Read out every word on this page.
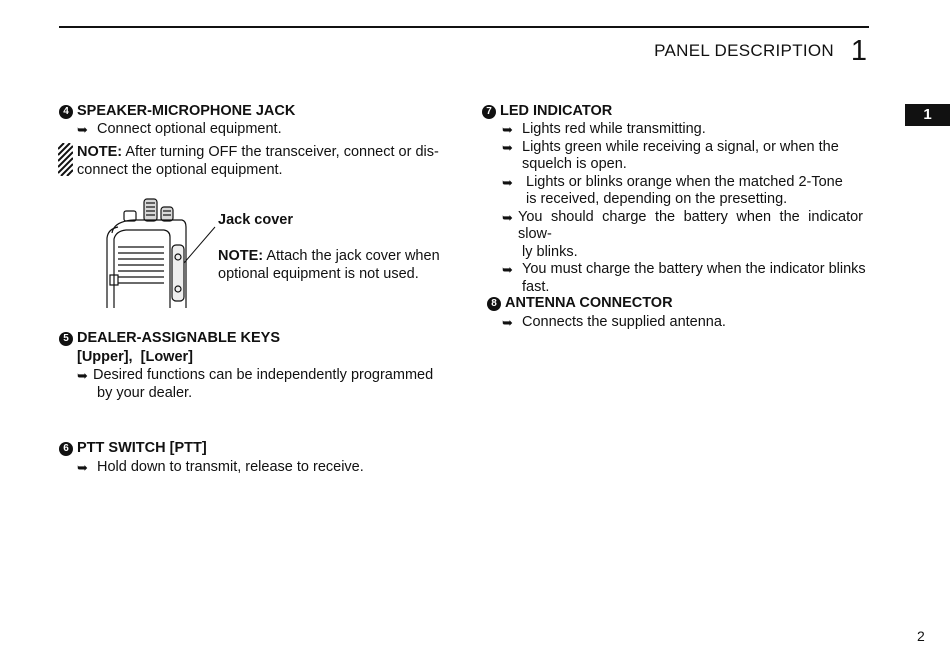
PANEL DESCRIPTION 1
1
4 SPEAKER-MICROPHONE JACK
➥ Connect optional equipment.
NOTE: After turning OFF the transceiver, connect or dis-
connect the optional equipment.
Jack cover
NOTE: Attach the jack cover when
optional equipment is not used.
5 DEALER-ASSIGNABLE KEYS
[Upper],  [Lower]
➥ Desired functions can be independently programmed
by your dealer.
6 PTT SWITCH [PTT]
➥ Hold down to transmit, release to receive.
7 LED INDICATOR
➥ Lights red while transmitting.
➥ Lights green while receiving a signal, or when the
squelch is open.
➥ Lights or blinks orange when the matched 2-Tone
is received, depending on the presetting.
➥ You should charge the battery when the indicator slow-
ly blinks.
➥ You must charge the battery when the indicator blinks
fast.
8 ANTENNA CONNECTOR
➥ Connects the supplied antenna.
2
